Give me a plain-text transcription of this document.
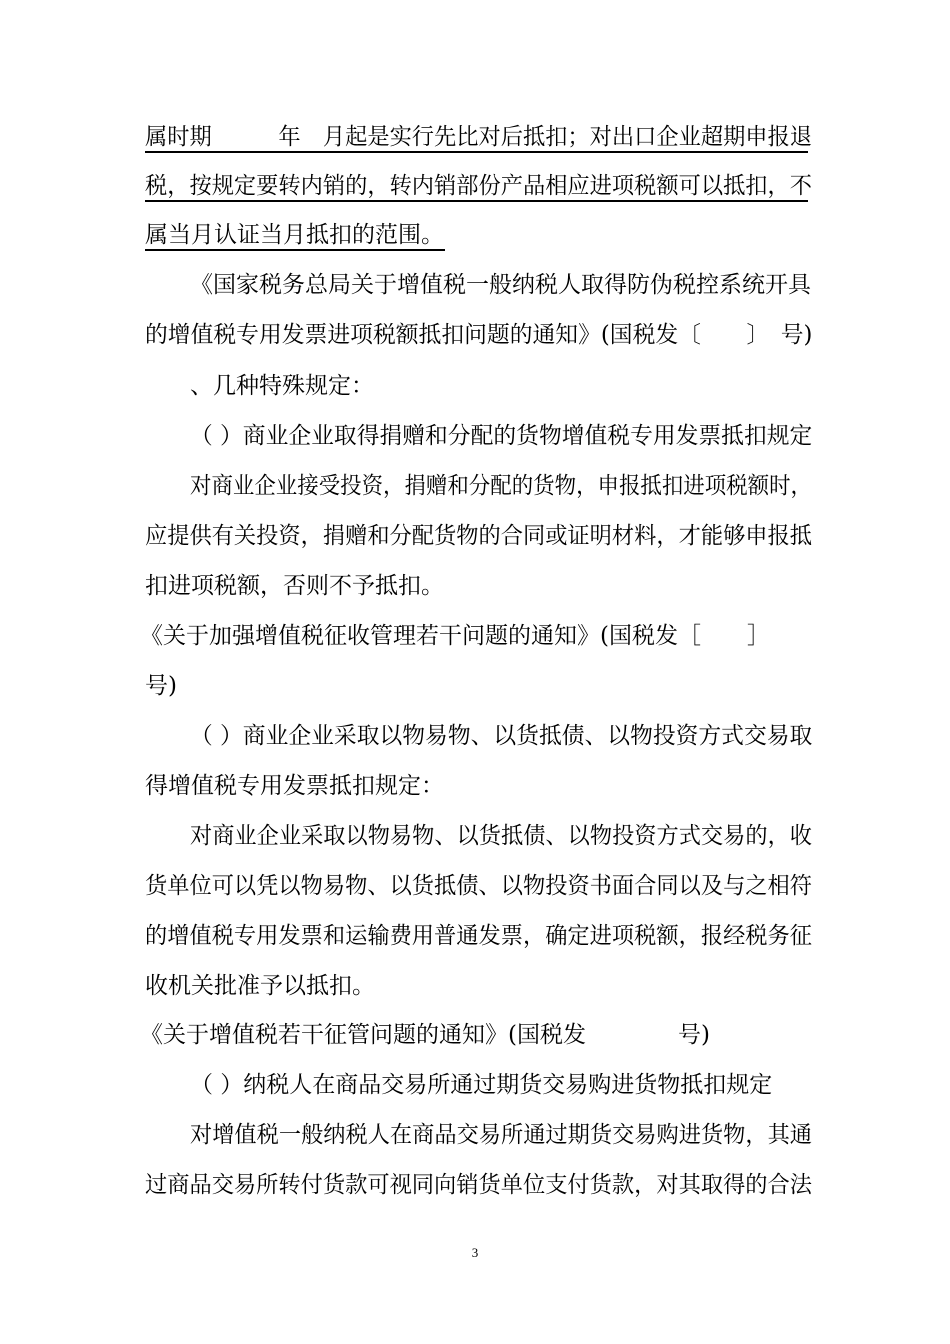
属时期　　　年　月起是实行先比对后抵扣；对出口企业超期申报退
税，按规定要转内销的，转内销部份产品相应进项税额可以抵扣，不
属当月认证当月抵扣的范围。
《国家税务总局关于增值税一般纳税人取得防伪税控系统开具
的增值税专用发票进项税额抵扣问题的通知》(国税发〔　　〕　号)
、几种特殊规定：
（ ）商业企业取得捐赠和分配的货物增值税专用发票抵扣规定
对商业企业接受投资，捐赠和分配的货物，申报抵扣进项税额时，
应提供有关投资，捐赠和分配货物的合同或证明材料，才能够申报抵
扣进项税额，否则不予抵扣。
《关于加强增值税征收管理若干问题的通知》(国税发［　　］
号)
（ ）商业企业采取以物易物、以货抵债、以物投资方式交易取
得增值税专用发票抵扣规定：
对商业企业采取以物易物、以货抵债、以物投资方式交易的，收
货单位可以凭以物易物、以货抵债、以物投资书面合同以及与之相符
的增值税专用发票和运输费用普通发票，确定进项税额，报经税务征
收机关批准予以抵扣。
《关于增值税若干征管问题的通知》(国税发　　　　号)
（ ）纳税人在商品交易所通过期货交易购进货物抵扣规定
对增值税一般纳税人在商品交易所通过期货交易购进货物，其通
过商品交易所转付货款可视同向销货单位支付货款，对其取得的合法
3
